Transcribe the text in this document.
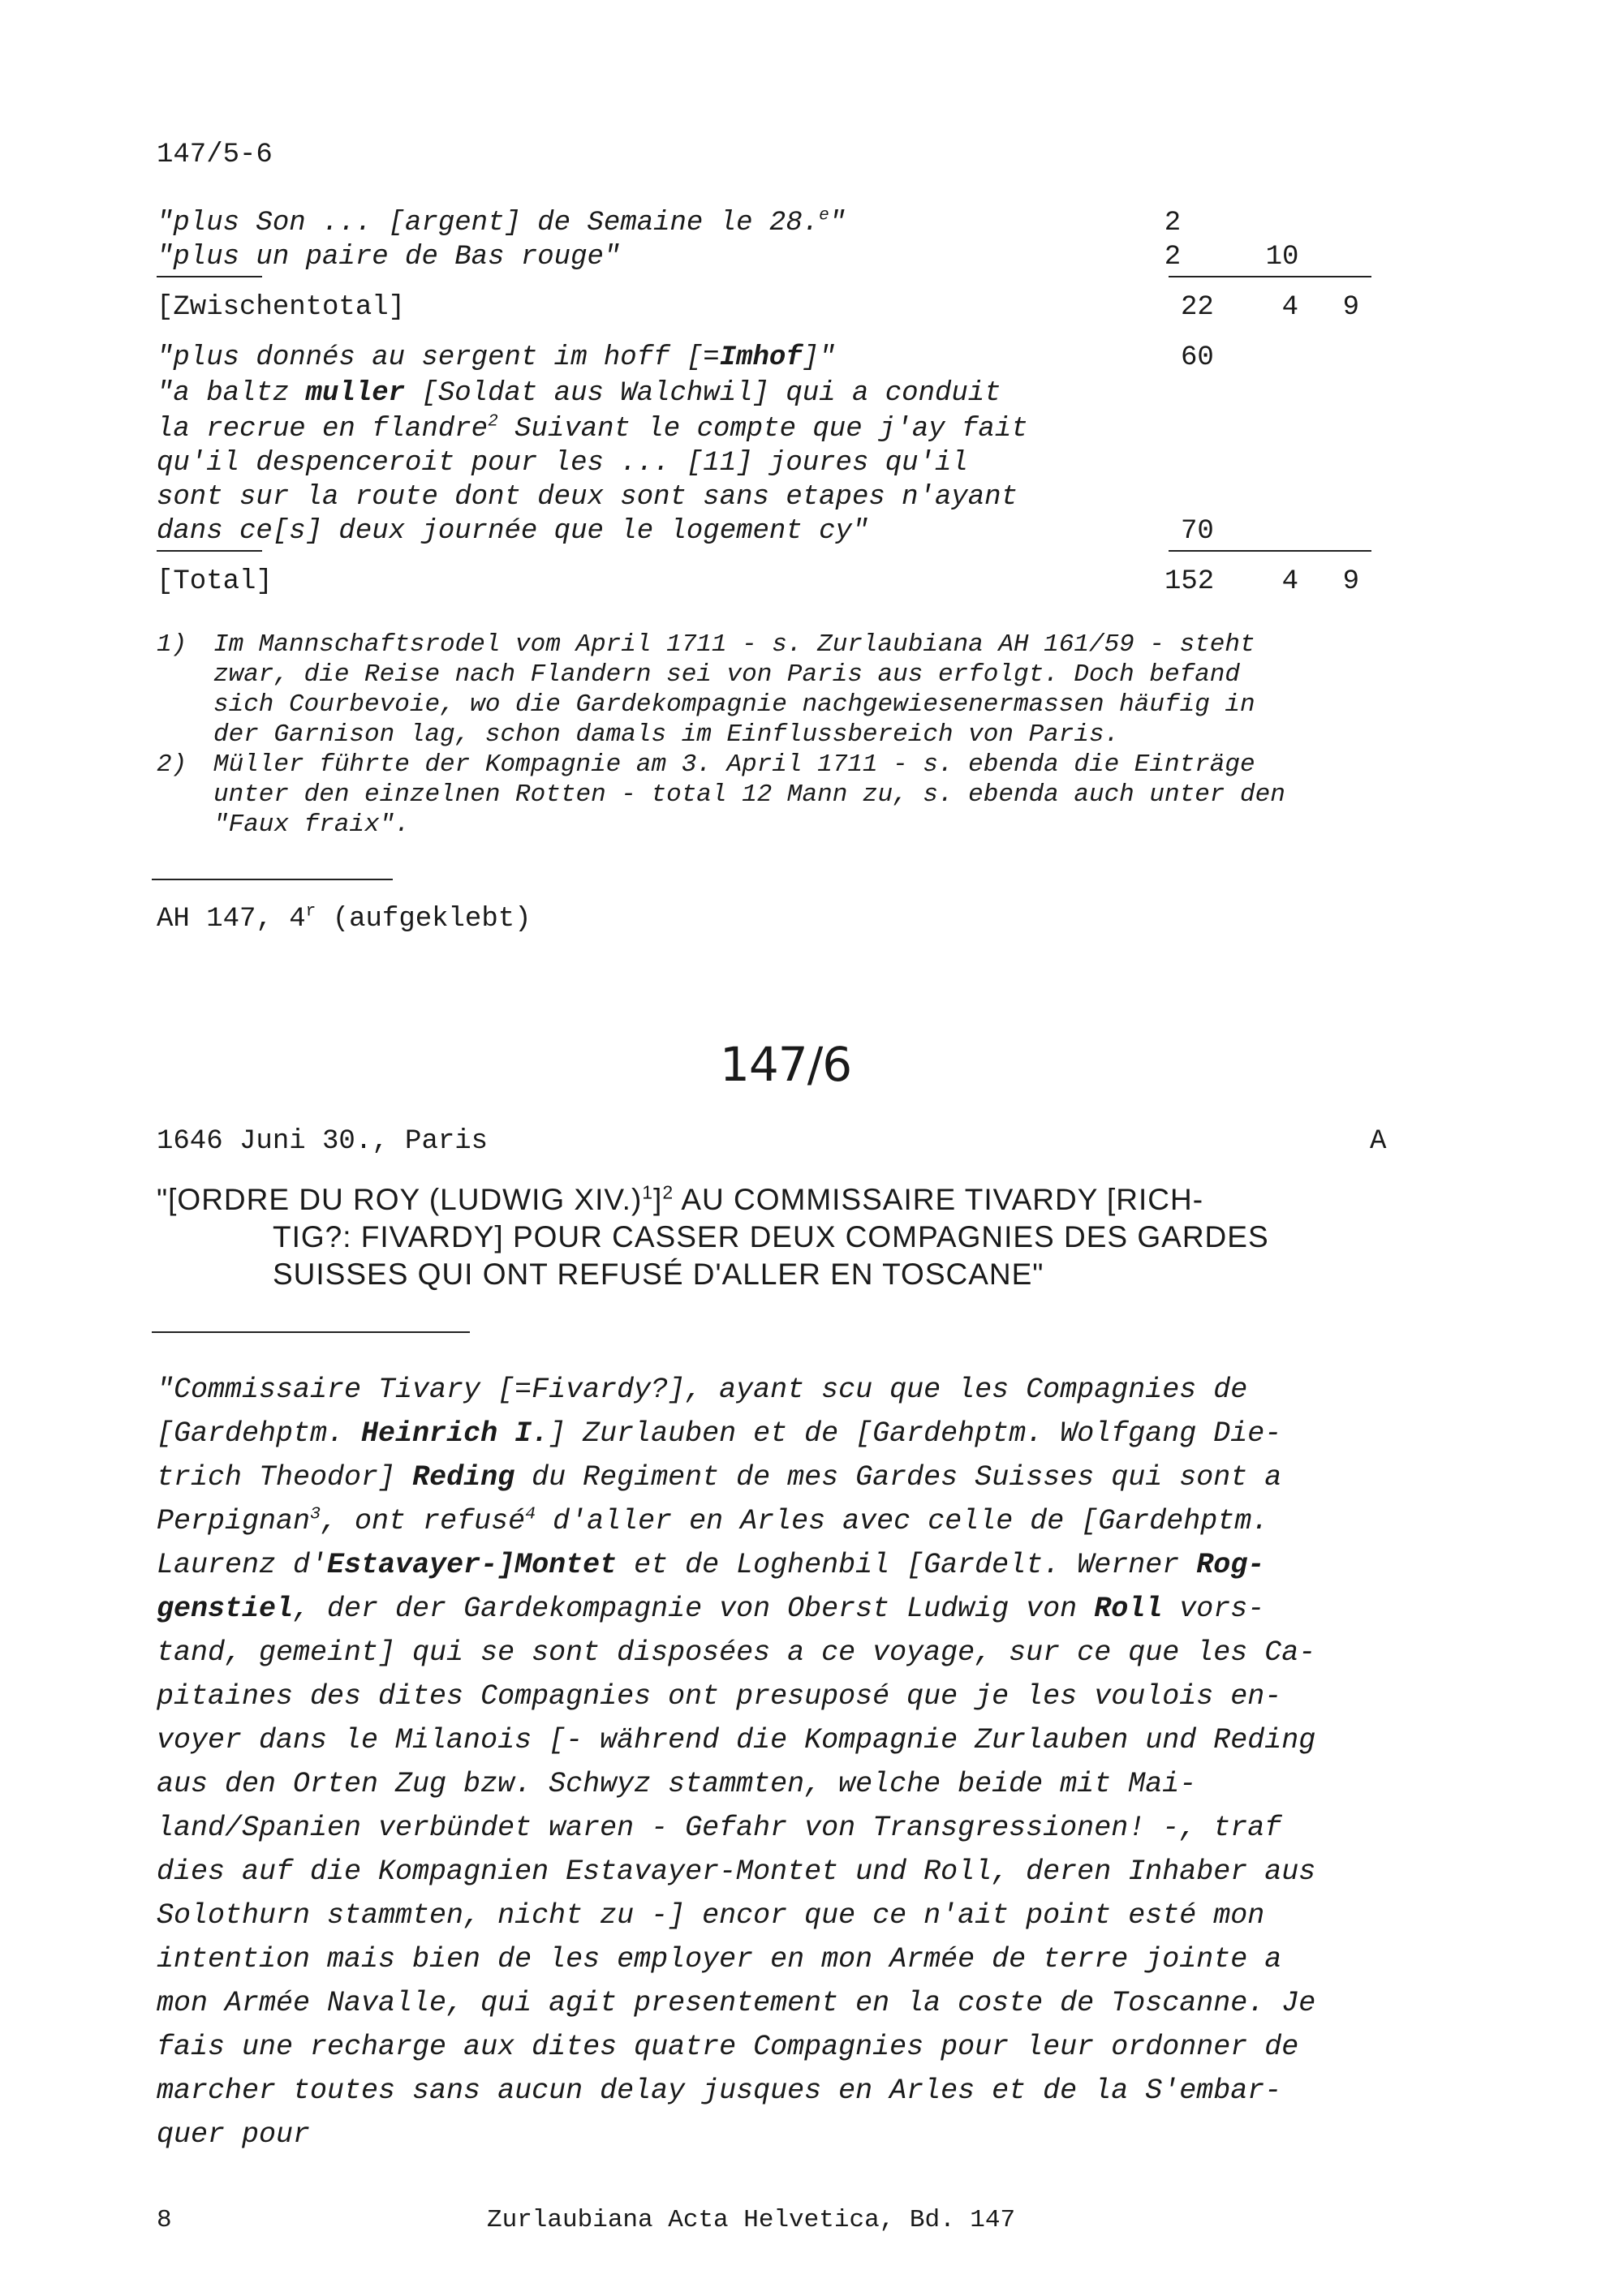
147/5-6
"plus Son ... [argent] de Semaine le 28.$^e$"	2
"plus un paire de Bas rouge"	2	10
[Zwischentotal]	22	4	9
"plus donnés au sergent im hoff [=Imhof]"	60
"a baltz muller [Soldat aus Walchwil] qui a conduit
la recrue en flandre$^2$ Suivant le compte que j'ay fait
qu'il despenceroit pour les ... [11] joures qu'il
sont sur la route dont deux sont sans etapes n'ayant
dans ce[s] deux journée que le logement cy"	70
[Total]	152	4	9
1) Im Mannschaftsrodel vom April 1711 - s. Zurlaubiana AH 161/59 - steht
zwar, die Reise nach Flandern sei von Paris aus erfolgt. Doch befand
sich Courbevoie, wo die Gardekompagnie nachgewiesenermassen häufig in
der Garnison lag, schon damals im Einflussbereich von Paris.
2) Müller führte der Kompagnie am 3. April 1711 - s. ebenda die Einträge
unter den einzelnen Rotten - total 12 Mann zu, s. ebenda auch unter den
"Faux fraix".
AH 147, 4$^r$ (aufgeklebt)
147/6
1646 Juni 30., Paris	A
"[ORDRE DU ROY (LUDWIG XIV.)$^1$]$^2$ AU COMMISSAIRE TIVARDY [RICH-
TIG?: FIVARDY] POUR CASSER DEUX COMPAGNIES DES GARDES
SUISSES QUI ONT REFUSÉ D'ALLER EN TOSCANE"
"Commissaire Tivary [=Fivardy?], ayant scu que les Compagnies de
[Gardehptm. Heinrich I.] Zurlauben et de [Gardehptm. Wolfgang Die-
trich Theodor] Reding du Regiment de mes Gardes Suisses qui sont a
Perpignan$^3$, ont refusé$^4$ d'aller en Arles avec celle de [Gardehptm.
Laurenz d'Estavayer-]Montet et de Loghenbil [Gardelt. Werner Rog-
genstiel, der der Gardekompagnie von Oberst Ludwig von Roll vors-
tand, gemeint] qui se sont disposées a ce voyage, sur ce que les Ca-
pitaines des dites Compagnies ont presuposé que je les voulois en-
voyer dans le Milanois [- während die Kompagnie Zurlauben und Reding
aus den Orten Zug bzw. Schwyz stammten, welche beide mit Mai-
land/Spanien verbündet waren - Gefahr von Transgressionen! -, traf
dies auf die Kompagnien Estavayer-Montet und Roll, deren Inhaber aus
Solothurn stammten, nicht zu -] encor que ce n'ait point esté mon
intention mais bien de les employer en mon Armée de terre jointe a
mon Armée Navalle, qui agit presentement en la coste de Toscanne. Je
fais une recharge aux dites quatre Compagnies pour leur ordonner de
marcher toutes sans aucun delay jusques en Arles et de la S'embar-
quer pour
8	Zurlaubiana Acta Helvetica, Bd. 147
